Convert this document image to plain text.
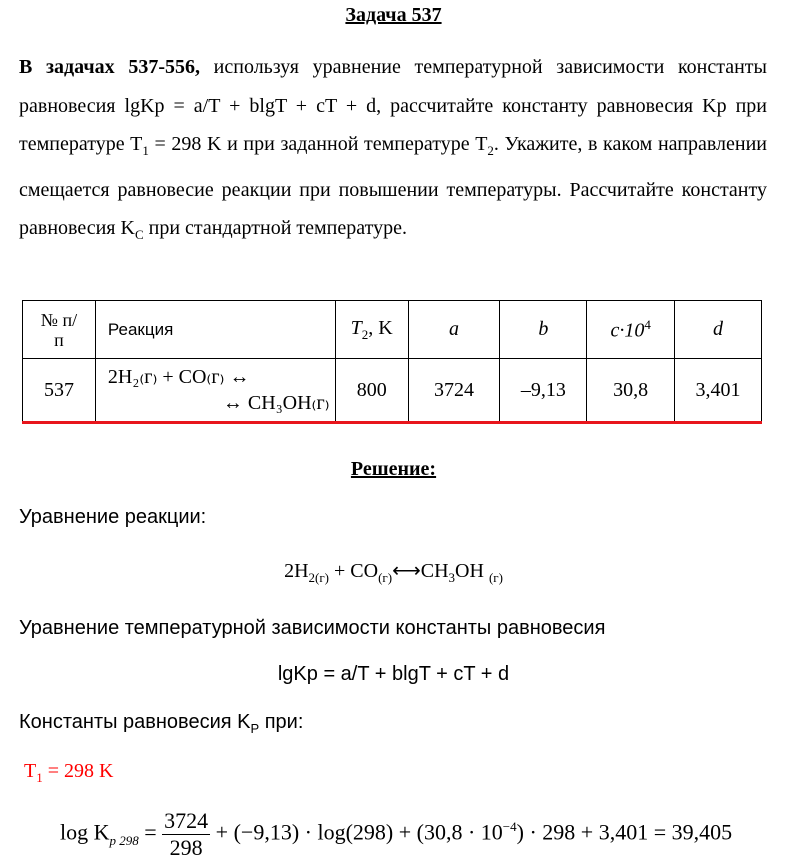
Задача 537
В задачах 537-556, используя уравнение температурной зависимости константы равновесия lgKp = a/T + blgT + cT + d, рассчитайте константу равновесия Kp при температуре $T_1 = 298$ K и при заданной температуре $T_2$. Укажите, в каком направлении смещается равновесие реакции при повышении температуры. Рассчитайте константу равновесия $K_C$ при стандартной температуре.
№ п/п	Реакция	$T_2$, K	a	b	$c\cdot 10^4$	d
537	2H₂₍г₎ + CO₍г₎ ↔
↔ CH₃OH₍г₎	800	3724	–9,13	30,8	3,401
Решение:
Уравнение реакции:
$2H_{2(г)}$ + $CO_{(г)}⟷CH_3OH$ $_{(г)}$
Уравнение температурной зависимости константы равновесия
lgKp = a/T + blgT + cT + d
Константы равновесия $K_P$ при:
$T_1 = 298$ K
$\log K_{p 298} = \frac{3724}{298} + (-9,13) \cdot \log(298) + (30,8 \cdot 10^{-4}) \cdot 298 + 3,401 = 39,405$
